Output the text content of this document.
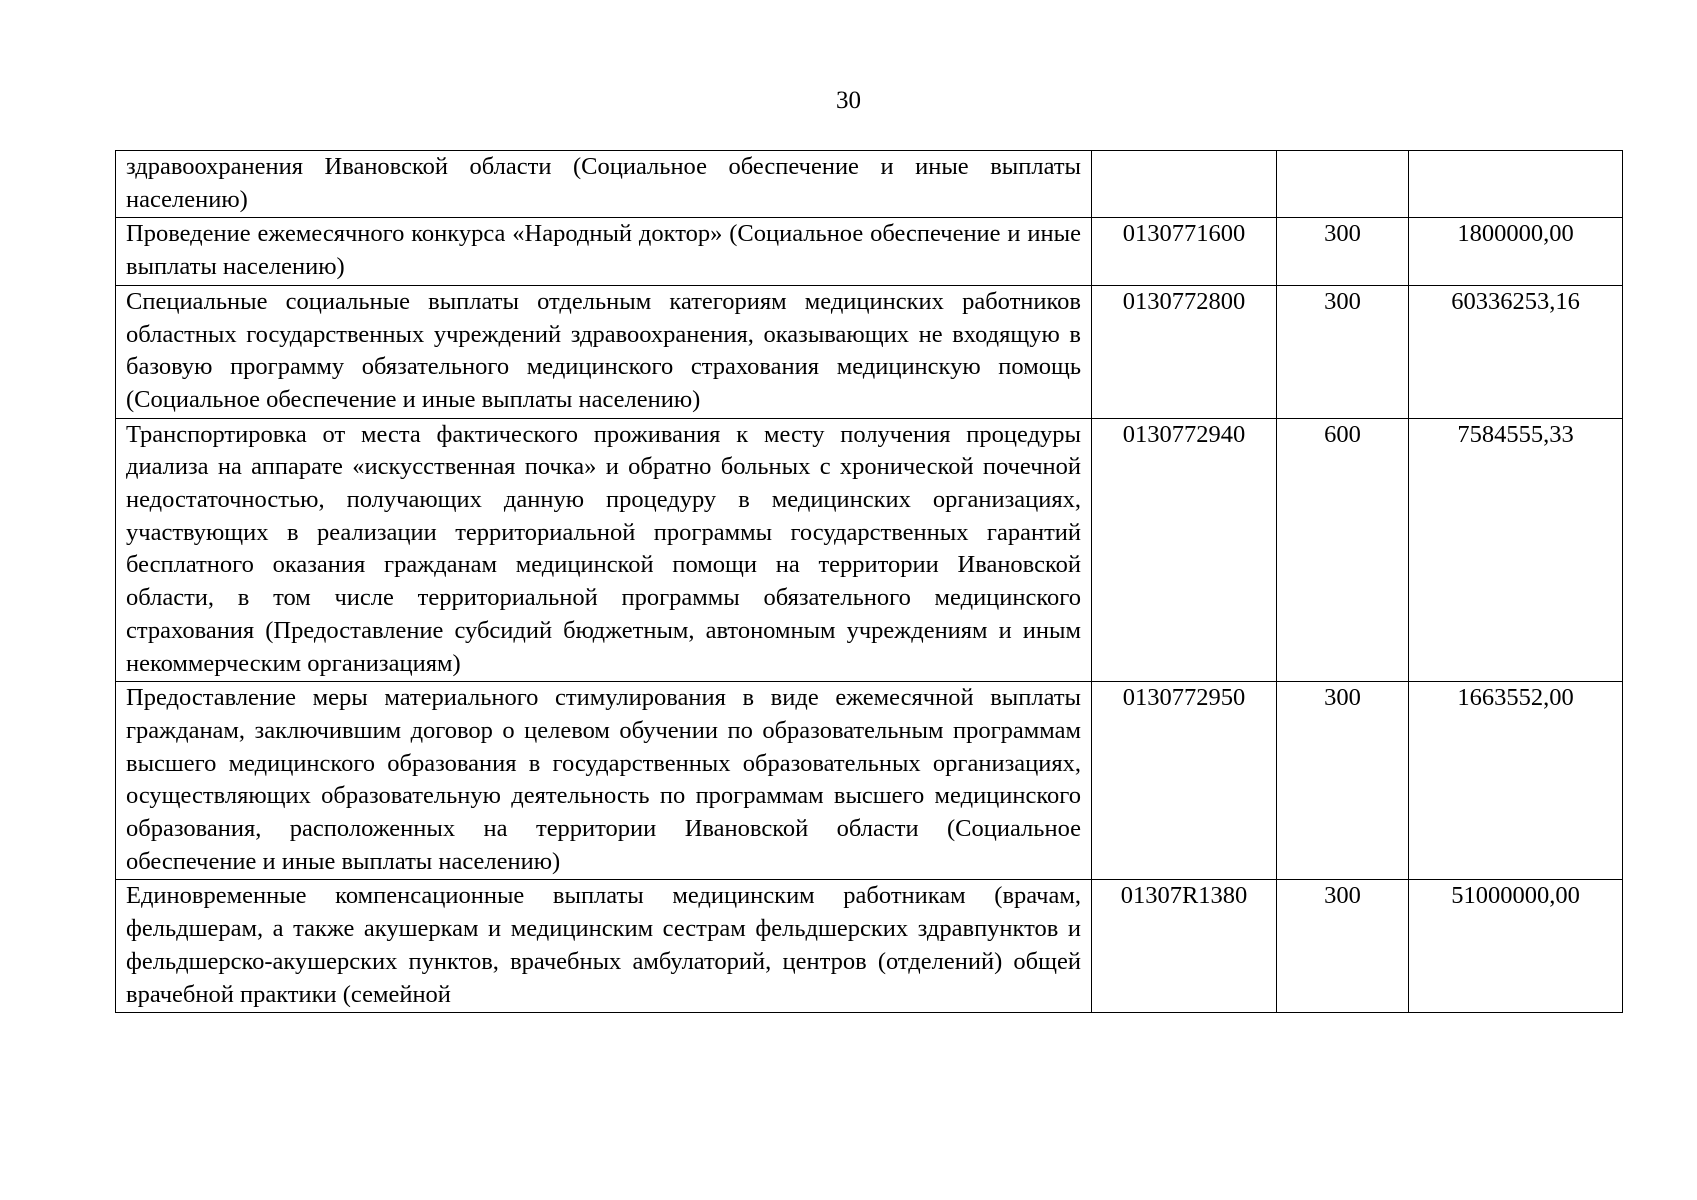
30
здравоохранения Ивановской области (Социальное обеспечение и иные выплаты населению)			
Проведение ежемесячного конкурса «Народный доктор» (Социальное обеспечение и иные выплаты населению)	0130771600	300	1800000,00
Специальные социальные выплаты отдельным категориям медицинских работников областных государственных учреждений здравоохранения, оказывающих не входящую в базовую программу обязательного медицинского страхования медицинскую помощь (Социальное обеспечение и иные выплаты населению)	0130772800	300	60336253,16
Транспортировка от места фактического проживания к месту получения процедуры диализа на аппарате «искусственная почка» и обратно больных с хронической почечной недостаточностью, получающих данную процедуру в медицинских организациях, участвующих в реализации территориальной программы государственных гарантий бесплатного оказания гражданам медицинской помощи на территории Ивановской области, в том числе территориальной программы обязательного медицинского страхования (Предоставление субсидий бюджетным, автономным учреждениям и иным некоммерческим организациям)	0130772940	600	7584555,33
Предоставление меры материального стимулирования в виде ежемесячной выплаты гражданам, заключившим договор о целевом обучении по образовательным программам высшего медицинского образования в государственных образовательных организациях, осуществляющих образовательную деятельность по программам высшего медицинского образования, расположенных на территории Ивановской области (Социальное обеспечение и иные выплаты населению)	0130772950	300	1663552,00
Единовременные компенсационные выплаты медицинским работникам (врачам, фельдшерам, а также акушеркам и медицинским сестрам фельдшерских здравпунктов и фельдшерско-акушерских пунктов, врачебных амбулаторий, центров (отделений) общей врачебной практики (семейной	01307R1380	300	51000000,00
